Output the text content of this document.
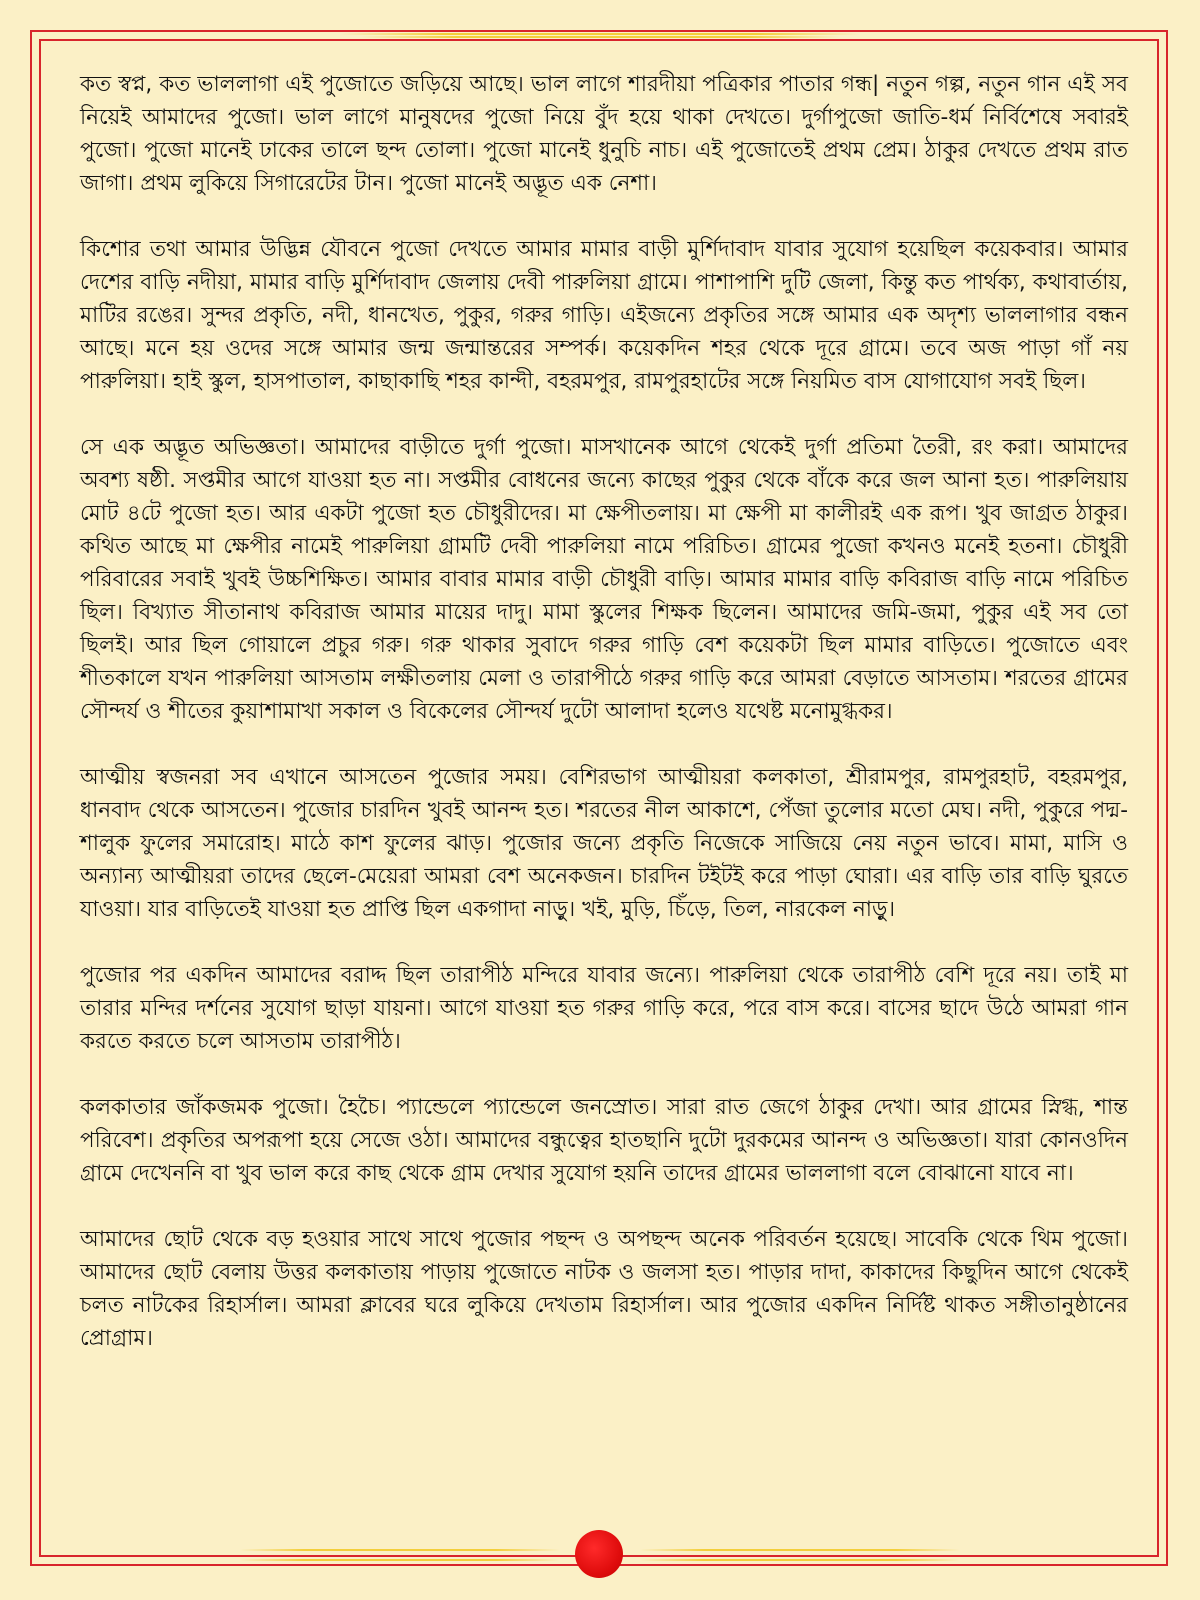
কত স্বপ্ন, কত ভাললাগা এই পুজোতে জড়িয়ে আছে। ভাল লাগে শারদীয়া পত্রিকার পাতার গন্ধ| নতুন গল্প, নতুন গান এই সব নিয়েই আমাদের পুজো। ভাল লাগে মানুষদের পুজো নিয়ে বুঁদ হয়ে থাকা দেখতে। দুর্গাপুজো জাতি-ধর্ম নির্বিশেষে সবারই পুজো। পুজো মানেই ঢাকের তালে ছন্দ তোলা। পুজো মানেই ধুনুচি নাচ। এই পুজোতেই প্রথম প্রেম। ঠাকুর দেখতে প্রথম রাত জাগা। প্রথম লুকিয়ে সিগারেটের টান। পুজো মানেই অদ্ভূত এক নেশা।

কিশোর তথা আমার উদ্ভিন্ন যৌবনে পুজো দেখতে আমার মামার বাড়ী মুর্শিদাবাদ যাবার সুযোগ হয়েছিল কয়েকবার। আমার দেশের বাড়ি নদীয়া, মামার বাড়ি মুর্শিদাবাদ জেলায় দেবী পারুলিয়া গ্রামে। পাশাপাশি দুটি জেলা, কিন্তু কত পার্থক্য, কথাবার্তায়, মাটির রঙের। সুন্দর প্রকৃতি, নদী, ধানখেত, পুকুর, গরুর গাড়ি। এইজন্যে প্রকৃতির সঙ্গে আমার এক অদৃশ্য ভাললাগার বন্ধন আছে। মনে হয় ওদের সঙ্গে আমার জন্ম জন্মান্তরের সম্পর্ক। কয়েকদিন শহর থেকে দূরে গ্রামে। তবে অজ পাড়া গাঁ নয় পারুলিয়া। হাই স্কুল, হাসপাতাল, কাছাকাছি শহর কান্দী, বহরমপুর, রামপুরহাটের সঙ্গে নিয়মিত বাস যোগাযোগ সবই ছিল।

সে এক অদ্ভূত অভিজ্ঞতা। আমাদের বাড়ীতে দুর্গা পুজো। মাসখানেক আগে থেকেই দুর্গা প্রতিমা তৈরী, রং করা। আমাদের অবশ্য ষষ্ঠী. সপ্তমীর আগে যাওয়া হত না। সপ্তমীর বোধনের জন্যে কাছের পুকুর থেকে বাঁকে করে জল আনা হত। পারুলিয়ায় মোট ৪টে পুজো হত। আর একটা পুজো হত চৌধুরীদের। মা ক্ষেপীতলায়। মা ক্ষেপী মা কালীরই এক রূপ। খুব জাগ্রত ঠাকুর। কথিত আছে মা ক্ষেপীর নামেই পারুলিয়া গ্রামটি দেবী পারুলিয়া নামে পরিচিত। গ্রামের পুজো কখনও মনেই হতনা। চৌধুরী পরিবারের সবাই খুবই উচ্চশিক্ষিত। আমার বাবার মামার বাড়ী চৌধুরী বাড়ি। আমার মামার বাড়ি কবিরাজ বাড়ি নামে পরিচিত ছিল। বিখ্যাত সীতানাথ কবিরাজ আমার মায়ের দাদু। মামা স্কুলের শিক্ষক ছিলেন। আমাদের জমি-জমা, পুকুর এই সব তো ছিলই। আর ছিল গোয়ালে প্রচুর গরু। গরু থাকার সুবাদে গরুর গাড়ি বেশ কয়েকটা ছিল মামার বাড়িতে। পুজোতে এবং শীতকালে যখন পারুলিয়া আসতাম লক্ষীতলায় মেলা ও তারাপীঠে গরুর গাড়ি করে আমরা বেড়াতে আসতাম। শরতের গ্রামের সৌন্দর্য ও শীতের কুয়াশামাখা সকাল ও বিকেলের সৌন্দর্য দুটো আলাদা হলেও যথেষ্ট মনোমুগ্ধকর।

আত্মীয় স্বজনরা সব এখানে আসতেন পুজোর সময়। বেশিরভাগ আত্মীয়রা কলকাতা, শ্রীরামপুর, রামপুরহাট, বহরমপুর, ধানবাদ থেকে আসতেন। পুজোর চারদিন খুবই আনন্দ হত। শরতের নীল আকাশে, পেঁজা তুলোর মতো মেঘ। নদী, পুকুরে পদ্ম-শালুক ফুলের সমারোহ। মাঠে কাশ ফুলের ঝাড়। পুজোর জন্যে প্রকৃতি নিজেকে সাজিয়ে নেয় নতুন ভাবে। মামা, মাসি ও অন্যান্য আত্মীয়রা তাদের ছেলে-মেয়েরা আমরা বেশ অনেকজন। চারদিন টইটই করে পাড়া ঘোরা। এর বাড়ি তার বাড়ি ঘুরতে যাওয়া। যার বাড়িতেই যাওয়া হত প্রাপ্তি ছিল একগাদা নাড়ু। খই, মুড়ি, চিঁড়ে, তিল, নারকেল নাড়ু।

পুজোর পর একদিন আমাদের বরাদ্দ ছিল তারাপীঠ মন্দিরে যাবার জন্যে। পারুলিয়া থেকে তারাপীঠ বেশি দূরে নয়। তাই মা তারার মন্দির দর্শনের সুযোগ ছাড়া যায়না। আগে যাওয়া হত গরুর গাড়ি করে, পরে বাস করে। বাসের ছাদে উঠে আমরা গান করতে করতে চলে আসতাম তারাপীঠ।

কলকাতার জাঁকজমক পুজো। হৈচৈ। প্যান্ডেলে প্যান্ডেলে জনস্রোত। সারা রাত জেগে ঠাকুর দেখা। আর গ্রামের স্নিগ্ধ, শান্ত পরিবেশ। প্রকৃতির অপরূপা হয়ে সেজে ওঠা। আমাদের বন্ধুত্বের হাতছানি দুটো দুরকমের আনন্দ ও অভিজ্ঞতা। যারা কোনওদিন গ্রামে দেখেননি বা খুব ভাল করে কাছ থেকে গ্রাম দেখার সুযোগ হয়নি তাদের গ্রামের ভাললাগা বলে বোঝানো যাবে না।

আমাদের ছোট থেকে বড় হওয়ার সাথে সাথে পুজোর পছন্দ ও অপছন্দ অনেক পরিবর্তন হয়েছে। সাবেকি থেকে থিম পুজো। আমাদের ছোট বেলায় উত্তর কলকাতায় পাড়ায় পুজোতে নাটক ও জলসা হত। পাড়ার দাদা, কাকাদের কিছুদিন আগে থেকেই চলত নাটকের রিহার্সাল। আমরা ক্লাবের ঘরে লুকিয়ে দেখতাম রিহার্সাল। আর পুজোর একদিন নির্দিষ্ট থাকত সঙ্গীতানুষ্ঠানের প্রোগ্রাম।
